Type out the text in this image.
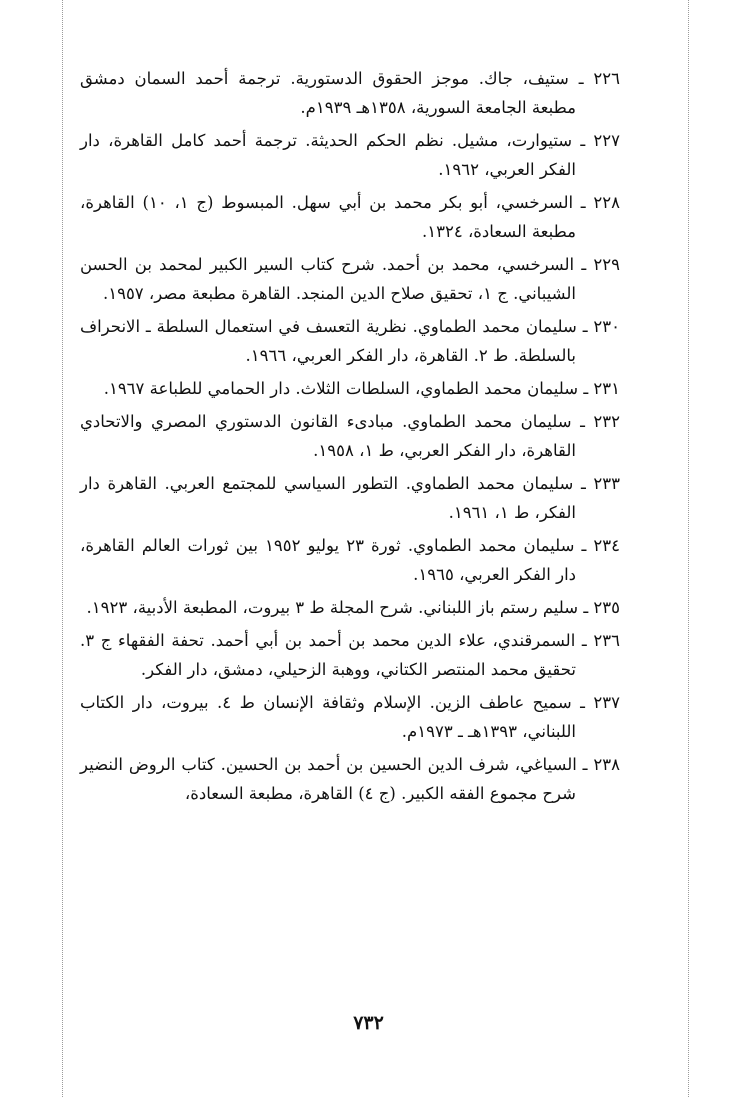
٢٢٦ ـ ستيف، جاك. موجز الحقوق الدستورية. ترجمة أحمد السمان دمشق مطبعة الجامعة السورية، ١٣٥٨هـ ١٩٣٩م.

٢٢٧ ـ ستيوارت، مشيل. نظم الحكم الحديثة. ترجمة أحمد كامل القاهرة، دار الفكر العربي، ١٩٦٢.

٢٢٨ ـ السرخسي، أبو بكر محمد بن أبي سهل. المبسوط (ج ١، ١٠) القاهرة، مطبعة السعادة، ١٣٢٤.

٢٢٩ ـ السرخسي، محمد بن أحمد. شرح كتاب السير الكبير لمحمد بن الحسن الشيباني. ج ١، تحقيق صلاح الدين المنجد. القاهرة مطبعة مصر، ١٩٥٧.

٢٣٠ ـ سليمان محمد الطماوي. نظرية التعسف في استعمال السلطة ـ الانحراف بالسلطة. ط ٢. القاهرة، دار الفكر العربي، ١٩٦٦.

٢٣١ ـ سليمان محمد الطماوي، السلطات الثلاث. دار الحمامي للطباعة ١٩٦٧.

٢٣٢ ـ سليمان محمد الطماوي. مبادىء القانون الدستوري المصري والاتحادي القاهرة، دار الفكر العربي، ط ١، ١٩٥٨.

٢٣٣ ـ سليمان محمد الطماوي. التطور السياسي للمجتمع العربي. القاهرة دار الفكر، ط ١، ١٩٦١.

٢٣٤ ـ سليمان محمد الطماوي. ثورة ٢٣ يوليو ١٩٥٢ بين ثورات العالم القاهرة، دار الفكر العربي، ١٩٦٥.

٢٣٥ ـ سليم رستم باز اللبناني. شرح المجلة ط ٣ بيروت، المطبعة الأدبية، ١٩٢٣.

٢٣٦ ـ السمرقندي، علاء الدين محمد بن أحمد بن أبي أحمد. تحفة الفقهاء ج ٣. تحقيق محمد المنتصر الكتاني، ووهبة الزحيلي، دمشق، دار الفكر.

٢٣٧ ـ سميح عاطف الزين. الإسلام وثقافة الإنسان ط ٤. بيروت، دار الكتاب اللبناني، ١٣٩٣هـ ـ ١٩٧٣م.

٢٣٨ ـ السياغي، شرف الدين الحسين بن أحمد بن الحسين. كتاب الروض النضير شرح مجموع الفقه الكبير. (ج ٤) القاهرة، مطبعة السعادة،

٧٣٢
